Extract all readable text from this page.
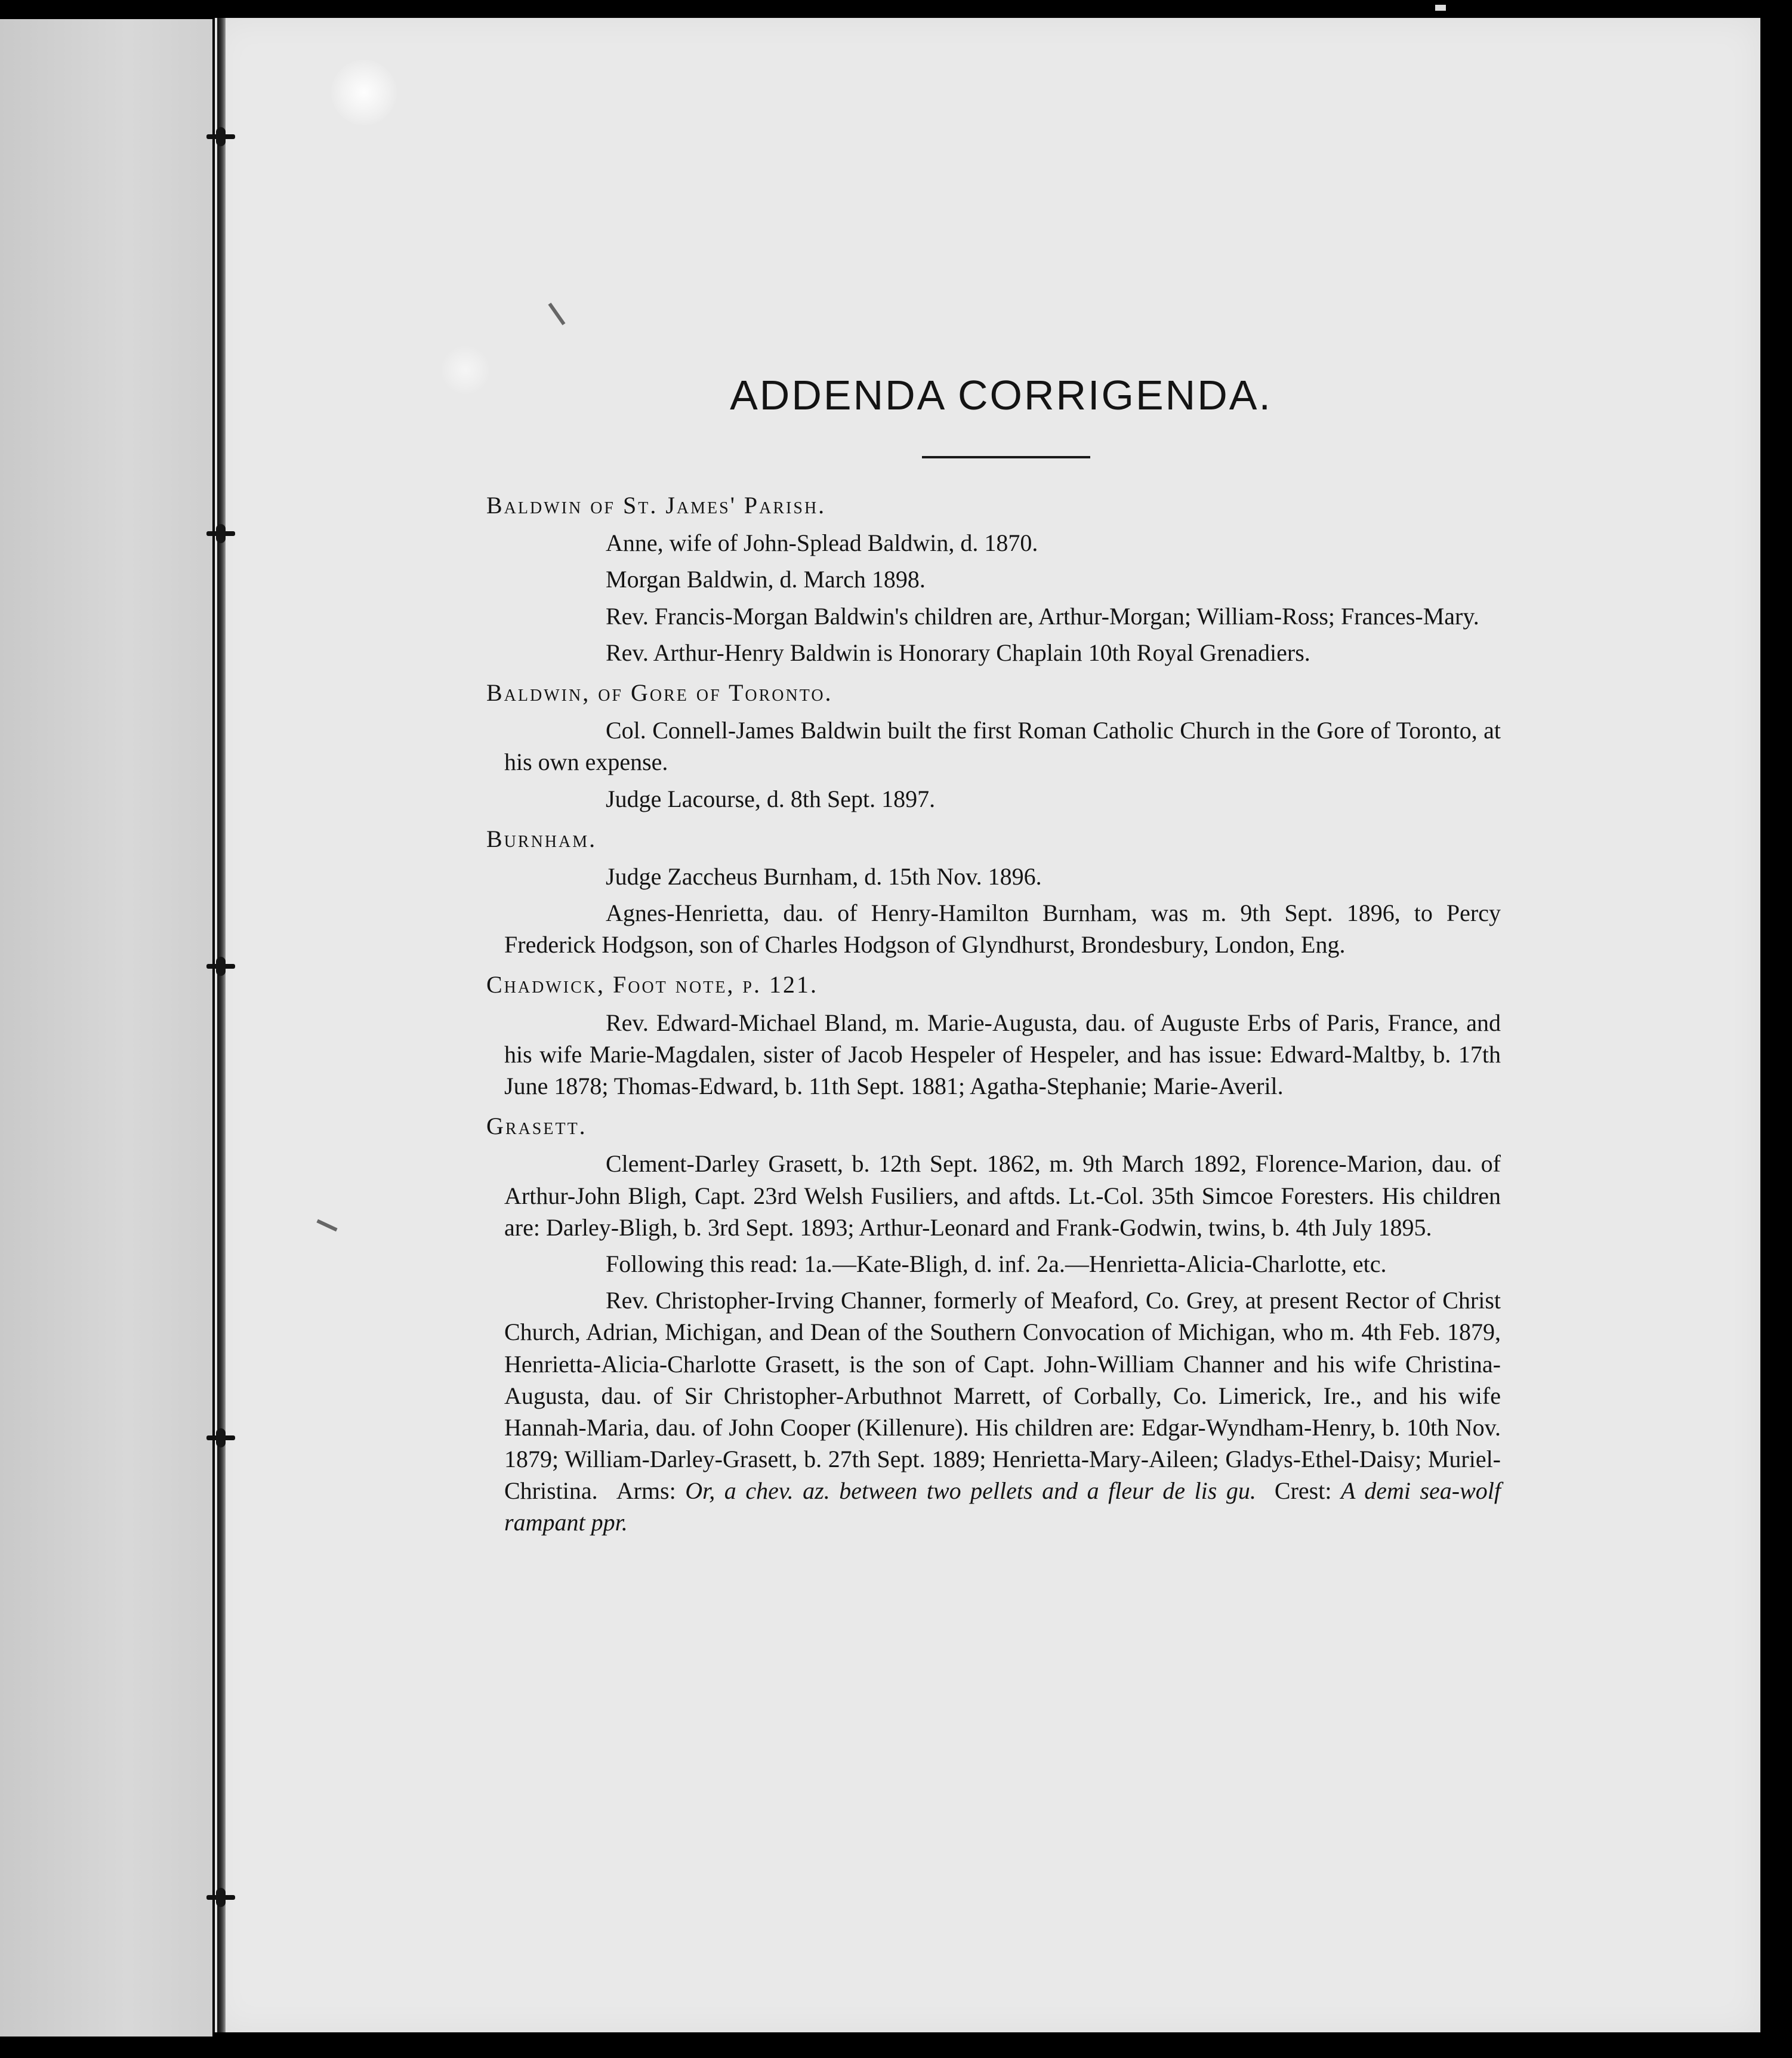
ADDENDA CORRIGENDA.
Baldwin of St. James' Parish.

Anne, wife of John-Splead Baldwin, d. 1870.

Morgan Baldwin, d. March 1898.

Rev. Francis-Morgan Baldwin's children are, Arthur-Morgan; William-Ross; Frances-Mary.

Rev. Arthur-Henry Baldwin is Honorary Chaplain 10th Royal Grenadiers.

Baldwin, of Gore of Toronto.

Col. Connell-James Baldwin built the first Roman Catholic Church in the Gore of Toronto, at his own expense.

Judge Lacourse, d. 8th Sept. 1897.

Burnham.

Judge Zaccheus Burnham, d. 15th Nov. 1896.

Agnes-Henrietta, dau. of Henry-Hamilton Burnham, was m. 9th Sept. 1896, to Percy Frederick Hodgson, son of Charles Hodgson of Glyndhurst, Brondesbury, London, Eng.

Chadwick, Foot note, p. 121.

Rev. Edward-Michael Bland, m. Marie-Augusta, dau. of Auguste Erbs of Paris, France, and his wife Marie-Magdalen, sister of Jacob Hespeler of Hespeler, and has issue: Edward-Maltby, b. 17th June 1878; Thomas-Edward, b. 11th Sept. 1881; Agatha-Stephanie; Marie-Averil.

Grasett.

Clement-Darley Grasett, b. 12th Sept. 1862, m. 9th March 1892, Florence-Marion, dau. of Arthur-John Bligh, Capt. 23rd Welsh Fusiliers, and aftds. Lt.-Col. 35th Simcoe Foresters. His children are: Darley-Bligh, b. 3rd Sept. 1893; Arthur-Leonard and Frank-Godwin, twins, b. 4th July 1895.

Following this read: 1a.—Kate-Bligh, d. inf. 2a.—Henrietta-Alicia-Charlotte, etc.

Rev. Christopher-Irving Channer, formerly of Meaford, Co. Grey, at present Rector of Christ Church, Adrian, Michigan, and Dean of the Southern Convocation of Michigan, who m. 4th Feb. 1879, Henrietta-Alicia-Charlotte Grasett, is the son of Capt. John-William Channer and his wife Christina-Augusta, dau. of Sir Christopher-Arbuthnot Marrett, of Corbally, Co. Limerick, Ire., and his wife Hannah-Maria, dau. of John Cooper (Killenure). His children are: Edgar-Wyndham-Henry, b. 10th Nov. 1879; William-Darley-Grasett, b. 27th Sept. 1889; Henrietta-Mary-Aileen; Gladys-Ethel-Daisy; Muriel-Christina. Arms: Or, a chev. az. between two pellets and a fleur de lis gu. Crest: A demi sea-wolf rampant ppr.
